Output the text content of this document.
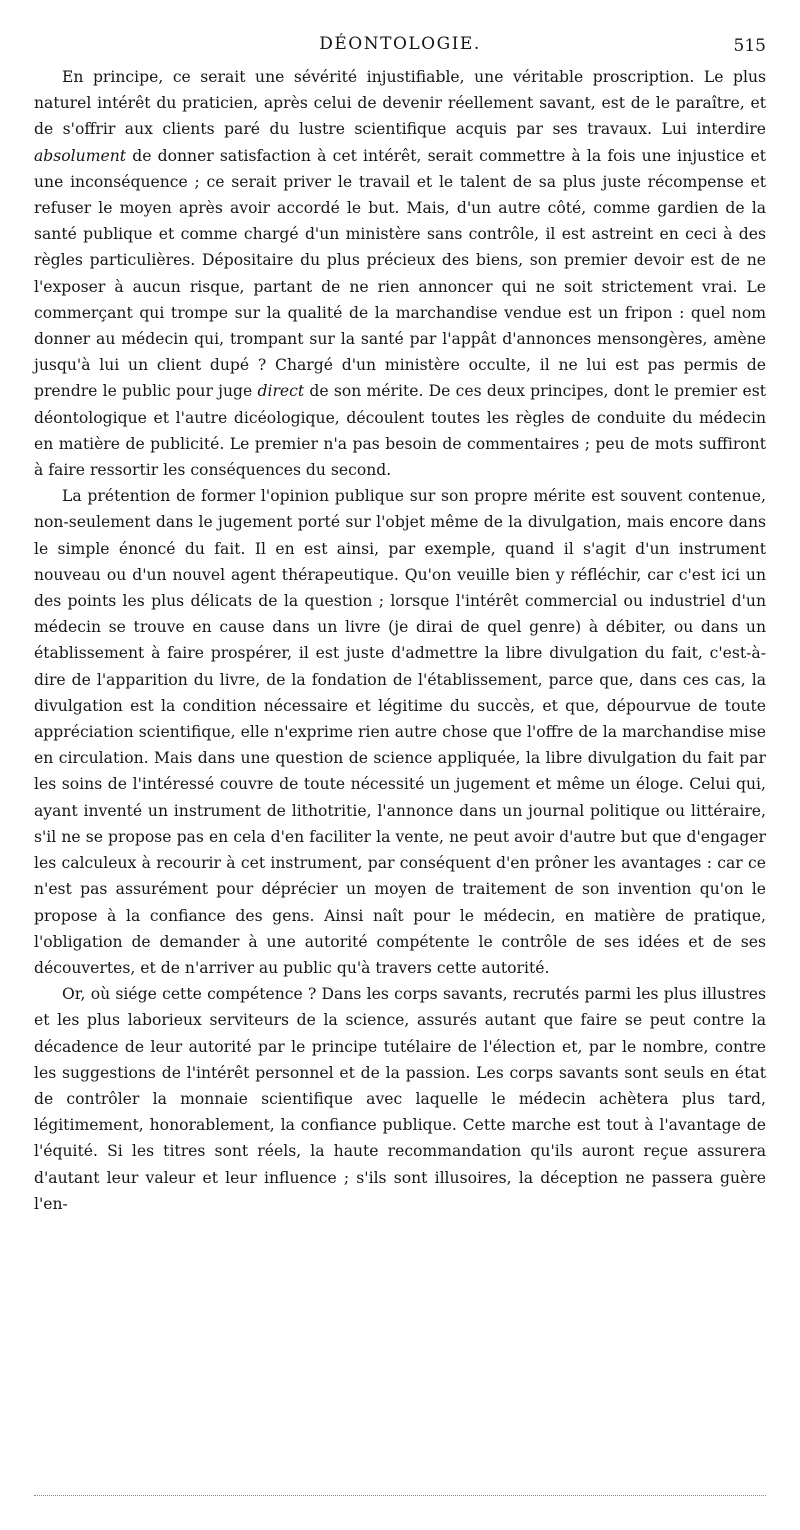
DÉONTOLOGIE.	515

En principe, ce serait une sévérité injustifiable, une véritable proscription. Le plus naturel intérêt du praticien, après celui de devenir réellement savant, est de le paraître, et de s'offrir aux clients paré du lustre scientifique acquis par ses travaux. Lui interdire absolument de donner satisfaction à cet intérêt, serait commettre à la fois une injustice et une inconséquence ; ce serait priver le travail et le talent de sa plus juste récompense et refuser le moyen après avoir accordé le but. Mais, d'un autre côté, comme gardien de la santé publique et comme chargé d'un ministère sans contrôle, il est astreint en ceci à des règles particulières. Dépositaire du plus précieux des biens, son premier devoir est de ne l'exposer à aucun risque, partant de ne rien annoncer qui ne soit strictement vrai. Le commerçant qui trompe sur la qualité de la marchandise vendue est un fripon : quel nom donner au médecin qui, trompant sur la santé par l'appât d'annonces mensongères, amène jusqu'à lui un client dupé ? Chargé d'un ministère occulte, il ne lui est pas permis de prendre le public pour juge direct de son mérite. De ces deux principes, dont le premier est déontologique et l'autre dicéologique, découlent toutes les règles de conduite du médecin en matière de publicité. Le premier n'a pas besoin de commentaires ; peu de mots suffiront à faire ressortir les conséquences du second.

La prétention de former l'opinion publique sur son propre mérite est souvent contenue, non-seulement dans le jugement porté sur l'objet même de la divulgation, mais encore dans le simple énoncé du fait. Il en est ainsi, par exemple, quand il s'agit d'un instrument nouveau ou d'un nouvel agent thérapeutique. Qu'on veuille bien y réfléchir, car c'est ici un des points les plus délicats de la question ; lorsque l'intérêt commercial ou industriel d'un médecin se trouve en cause dans un livre (je dirai de quel genre) à débiter, ou dans un établissement à faire prospérer, il est juste d'admettre la libre divulgation du fait, c'est-à-dire de l'apparition du livre, de la fondation de l'établissement, parce que, dans ces cas, la divulgation est la condition nécessaire et légitime du succès, et que, dépourvue de toute appréciation scientifique, elle n'exprime rien autre chose que l'offre de la marchandise mise en circulation. Mais dans une question de science appliquée, la libre divulgation du fait par les soins de l'intéressé couvre de toute nécessité un jugement et même un éloge. Celui qui, ayant inventé un instrument de lithotritie, l'annonce dans un journal politique ou littéraire, s'il ne se propose pas en cela d'en faciliter la vente, ne peut avoir d'autre but que d'engager les calculeux à recourir à cet instrument, par conséquent d'en prôner les avantages : car ce n'est pas assurément pour déprécier un moyen de traitement de son invention qu'on le propose à la confiance des gens. Ainsi naît pour le médecin, en matière de pratique, l'obligation de demander à une autorité compétente le contrôle de ses idées et de ses découvertes, et de n'arriver au public qu'à travers cette autorité.

Or, où siége cette compétence ? Dans les corps savants, recrutés parmi les plus illustres et les plus laborieux serviteurs de la science, assurés autant que faire se peut contre la décadence de leur autorité par le principe tutélaire de l'élection et, par le nombre, contre les suggestions de l'intérêt personnel et de la passion. Les corps savants sont seuls en état de contrôler la monnaie scientifique avec laquelle le médecin achètera plus tard, légitimement, honorablement, la confiance publique. Cette marche est tout à l'avantage de l'équité. Si les titres sont réels, la haute recommandation qu'ils auront reçue assurera d'autant leur valeur et leur influence ; s'ils sont illusoires, la déception ne passera guère l'en-
